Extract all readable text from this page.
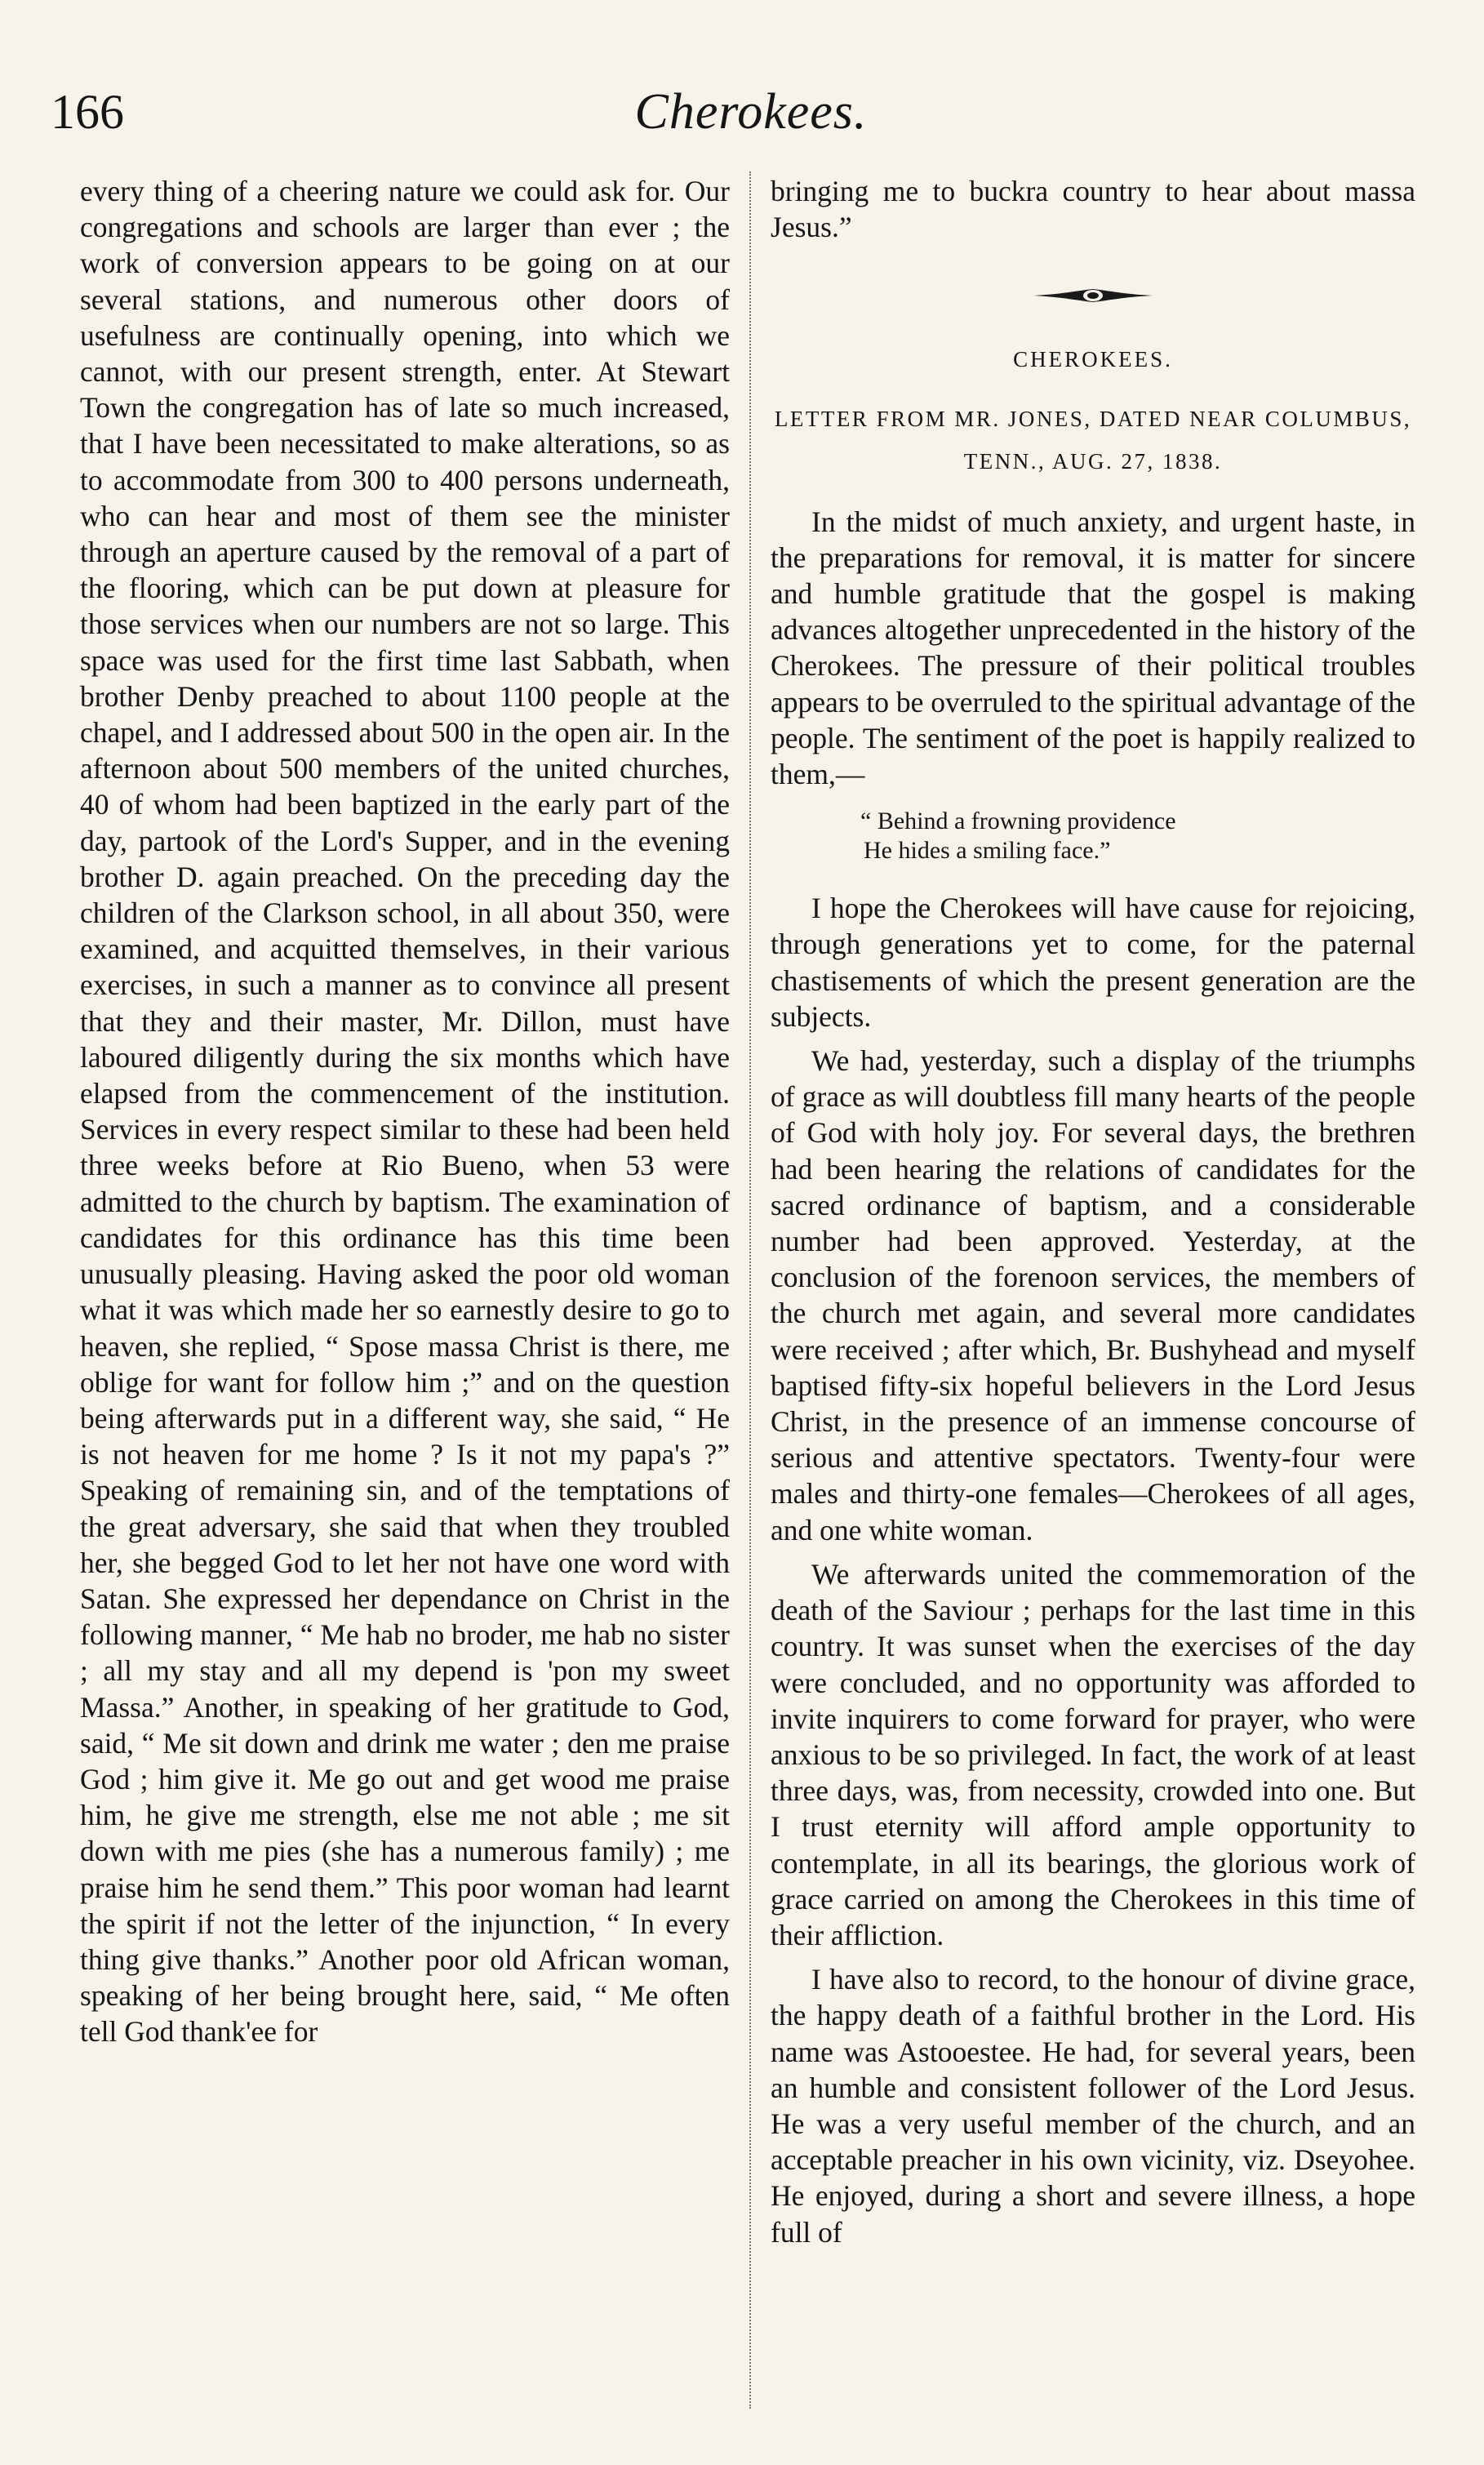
166	Cherokees.

every thing of a cheering nature we could ask for. Our congregations and schools are larger than ever ; the work of conversion appears to be going on at our several stations, and numerous other doors of usefulness are continually opening, into which we cannot, with our present strength, enter. At Stewart Town the congregation has of late so much increased, that I have been necessitated to make alterations, so as to accommodate from 300 to 400 persons underneath, who can hear and most of them see the minister through an aperture caused by the removal of a part of the flooring, which can be put down at pleasure for those services when our numbers are not so large. This space was used for the first time last Sabbath, when brother Denby preached to about 1100 people at the chapel, and I addressed about 500 in the open air. In the afternoon about 500 members of the united churches, 40 of whom had been baptized in the early part of the day, partook of the Lord's Supper, and in the evening brother D. again preached. On the preceding day the children of the Clarkson school, in all about 350, were examined, and acquitted themselves, in their various exercises, in such a manner as to convince all present that they and their master, Mr. Dillon, must have laboured diligently during the six months which have elapsed from the commencement of the institution. Services in every respect similar to these had been held three weeks before at Rio Bueno, when 53 were admitted to the church by baptism. The examination of candidates for this ordinance has this time been unusually pleasing. Having asked the poor old woman what it was which made her so earnestly desire to go to heaven, she replied, “ Spose massa Christ is there, me oblige for want for follow him ;” and on the question being afterwards put in a different way, she said, “ He is not heaven for me home ? Is it not my papa's ?” Speaking of remaining sin, and of the temptations of the great adversary, she said that when they troubled her, she begged God to let her not have one word with Satan. She expressed her dependance on Christ in the following manner, “ Me hab no broder, me hab no sister ; all my stay and all my depend is 'pon my sweet Massa.” Another, in speaking of her gratitude to God, said, “ Me sit down and drink me water ; den me praise God ; him give it. Me go out and get wood me praise him, he give me strength, else me not able ; me sit down with me pies (she has a numerous family) ; me praise him he send them.” This poor woman had learnt the spirit if not the letter of the injunction, “ In every thing give thanks.” Another poor old African woman, speaking of her being brought here, said, “ Me often tell God thank'ee for

bringing me to buckra country to hear about massa Jesus.”

CHEROKEES.
LETTER FROM MR. JONES, DATED NEAR COLUMBUS, TENN., AUG. 27, 1838.

In the midst of much anxiety, and urgent haste, in the preparations for removal, it is matter for sincere and humble gratitude that the gospel is making advances altogether unprecedented in the history of the Cherokees. The pressure of their political troubles appears to be overruled to the spiritual advantage of the people. The sentiment of the poet is happily realized to them,—

“ Behind a frowning providence
He hides a smiling face.”

I hope the Cherokees will have cause for rejoicing, through generations yet to come, for the paternal chastisements of which the present generation are the subjects.

We had, yesterday, such a display of the triumphs of grace as will doubtless fill many hearts of the people of God with holy joy. For several days, the brethren had been hearing the relations of candidates for the sacred ordinance of baptism, and a considerable number had been approved. Yesterday, at the conclusion of the forenoon services, the members of the church met again, and several more candidates were received ; after which, Br. Bushyhead and myself baptised fifty-six hopeful believers in the Lord Jesus Christ, in the presence of an immense concourse of serious and attentive spectators. Twenty-four were males and thirty-one females—Cherokees of all ages, and one white woman.

We afterwards united the commemoration of the death of the Saviour ; perhaps for the last time in this country. It was sunset when the exercises of the day were concluded, and no opportunity was afforded to invite inquirers to come forward for prayer, who were anxious to be so privileged. In fact, the work of at least three days, was, from necessity, crowded into one. But I trust eternity will afford ample opportunity to contemplate, in all its bearings, the glorious work of grace carried on among the Cherokees in this time of their affliction.

I have also to record, to the honour of divine grace, the happy death of a faithful brother in the Lord. His name was Astooestee. He had, for several years, been an humble and consistent follower of the Lord Jesus. He was a very useful member of the church, and an acceptable preacher in his own vicinity, viz. Dseyohee. He enjoyed, during a short and severe illness, a hope full of
